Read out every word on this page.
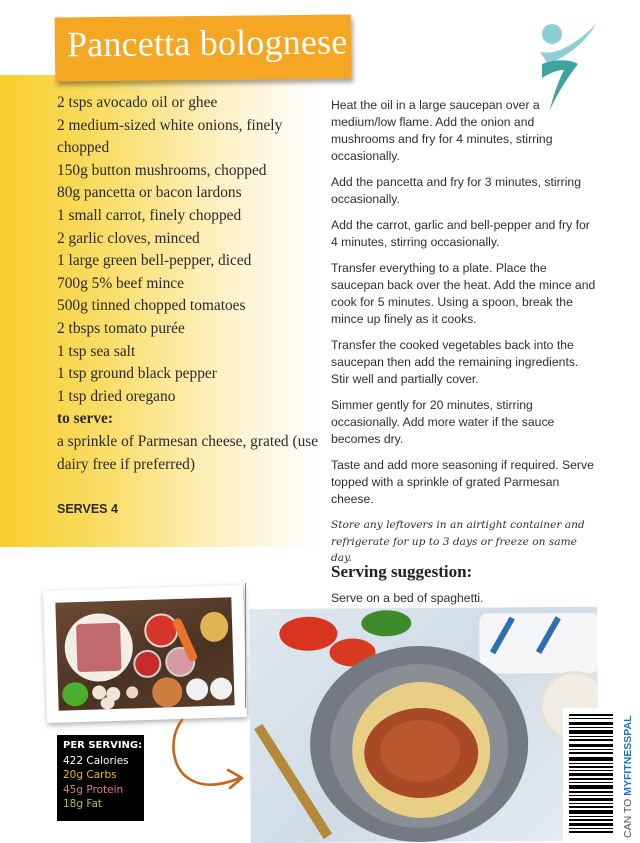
Pancetta bolognese
2 tsps avocado oil or ghee
2 medium-sized white onions, finely chopped
150g button mushrooms, chopped
80g pancetta or bacon lardons
1 small carrot, finely chopped
2 garlic cloves, minced
1 large green bell-pepper, diced
700g 5% beef mince
500g tinned chopped tomatoes
2 tbsps tomato purée
1 tsp sea salt
1 tsp ground black pepper
1 tsp dried oregano
to serve:
a sprinkle of Parmesan cheese, grated (use dairy free if preferred)
SERVES 4

Heat the oil in a large saucepan over a medium/low flame. Add the onion and mushrooms and fry for 4 minutes, stirring occasionally.

Add the pancetta and fry for 3 minutes, stirring occasionally.

Add the carrot, garlic and bell-pepper and fry for 4 minutes, stirring occasionally.

Transfer everything to a plate. Place the saucepan back over the heat. Add the mince and cook for 5 minutes. Using a spoon, break the mince up finely as it cooks.

Transfer the cooked vegetables back into the saucepan then add the remaining ingredients. Stir well and partially cover.

Simmer gently for 20 minutes, stirring occasionally. Add more water if the sauce becomes dry.

Taste and add more seasoning if required. Serve topped with a sprinkle of grated Parmesan cheese.

Store any leftovers in an airtight container and refrigerate for up to 3 days or freeze on same day.

Serving suggestion:
Serve on a bed of spaghetti.
PER SERVING:
422 Calories
20g Carbs
45g Protein
18g Fat	CAN TO MYFITNESSPAL
